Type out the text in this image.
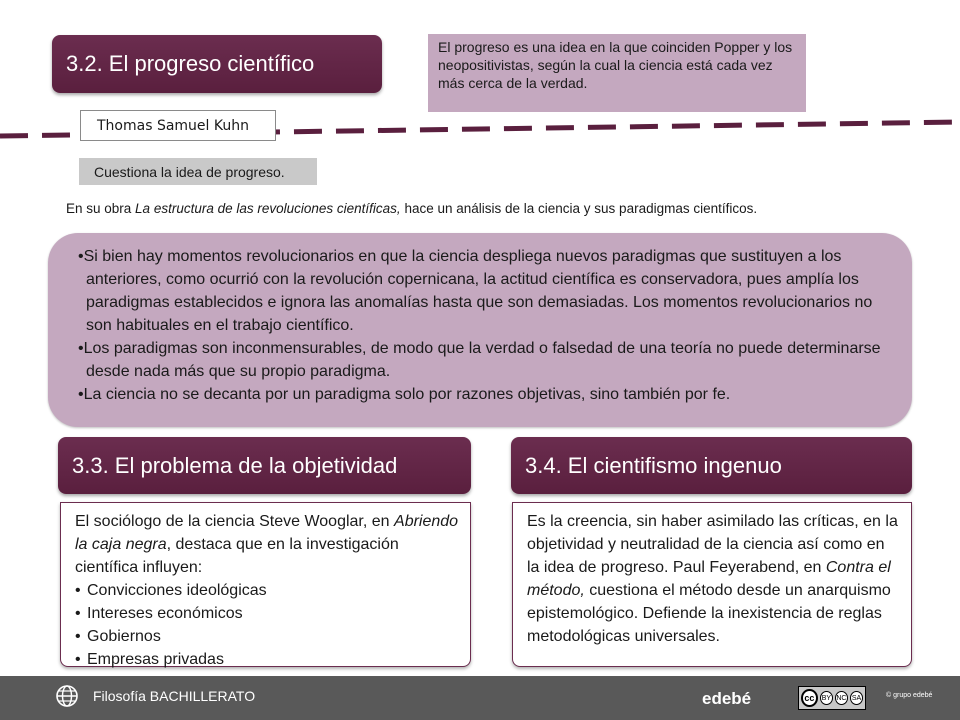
3.2. El progreso científico
El progreso es una idea en la que coinciden Popper y los neopositivistas, según la cual la ciencia está cada vez más cerca de la verdad.
Thomas Samuel Kuhn
Cuestiona la idea de progreso.
En su obra La estructura de las revoluciones científicas, hace un análisis de la ciencia y sus paradigmas científicos.

•Si bien hay momentos revolucionarios en que la ciencia despliega nuevos paradigmas que sustituyen a los anteriores, como ocurrió con la revolución copernicana, la actitud científica es conservadora, pues amplía los paradigmas establecidos e ignora las anomalías hasta que son demasiadas. Los momentos revolucionarios no son habituales en el trabajo científico.

•Los paradigmas son inconmensurables, de modo que la verdad o falsedad de una teoría no puede determinarse desde nada más que su propio paradigma.

•La ciencia no se decanta por un paradigma solo por razones objetivas, sino también por fe.

3.3. El problema de la objetividad
El sociólogo de la ciencia Steve Wooglar, en Abriendo la caja negra, destaca que en la investigación científica influyen:
• Convicciones ideológicas
• Intereses económicos
• Gobiernos
• Empresas privadas
3.4. El cientifismo ingenuo
Es la creencia, sin haber asimilado las críticas, en la objetividad y neutralidad de la ciencia así como en la idea de progreso. Paul Feyerabend, en Contra el método, cuestiona el método desde un anarquismo epistemológico. Defiende la inexistencia de reglas metodológicas universales.
Filosofía BACHILLERATO	edebé	cc	BY NC SA	© grupo edebé
